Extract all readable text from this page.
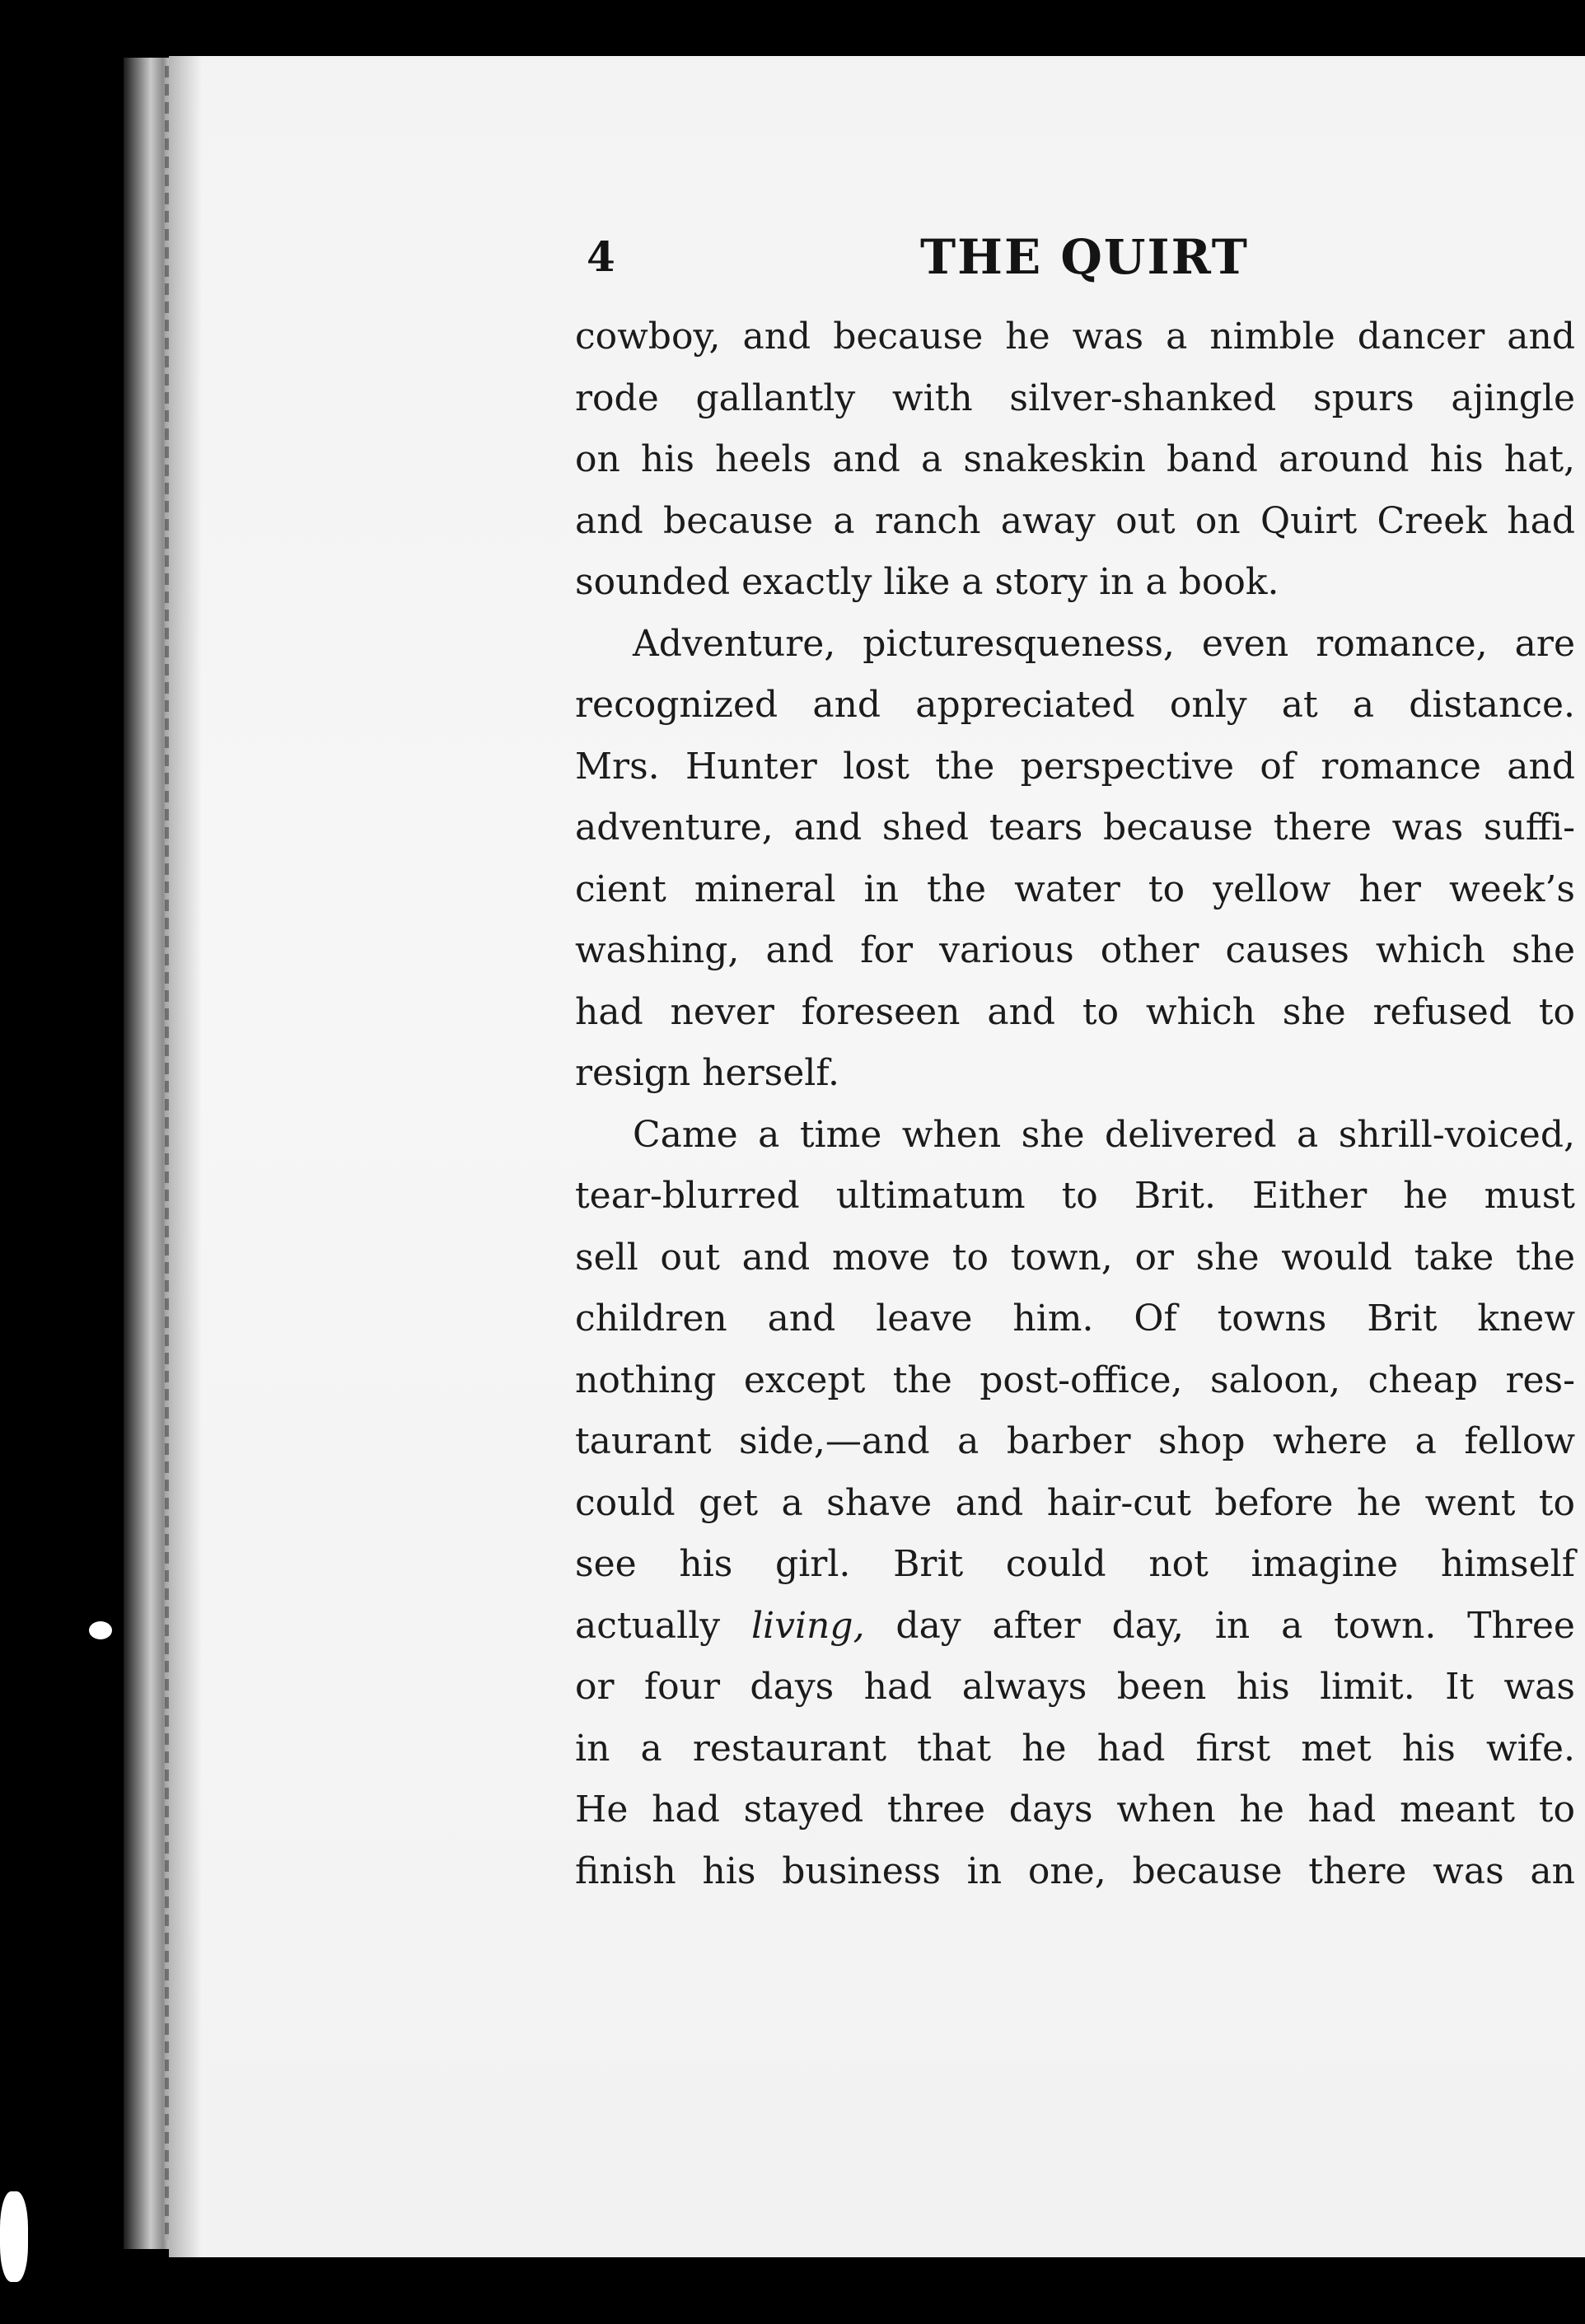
4	THE QUIRT
cowboy, and because he was a nimble dancer and
rode gallantly with silver-shanked spurs ajingle
on his heels and a snakeskin band around his hat,
and because a ranch away out on Quirt Creek had
sounded exactly like a story in a book.
Adventure, picturesqueness, even romance, are
recognized and appreciated only at a distance.
Mrs. Hunter lost the perspective of romance and
adventure, and shed tears because there was suffi-
cient mineral in the water to yellow her week’s
washing, and for various other causes which she
had never foreseen and to which she refused to
resign herself.
Came a time when she delivered a shrill-voiced,
tear-blurred ultimatum to Brit. Either he must
sell out and move to town, or she would take the
children and leave him. Of towns Brit knew
nothing except the post-office, saloon, cheap res-
taurant side,—and a barber shop where a fellow
could get a shave and hair-cut before he went to
see his girl. Brit could not imagine himself
actually living, day after day, in a town. Three
or four days had always been his limit. It was
in a restaurant that he had first met his wife.
He had stayed three days when he had meant to
finish his business in one, because there was an
